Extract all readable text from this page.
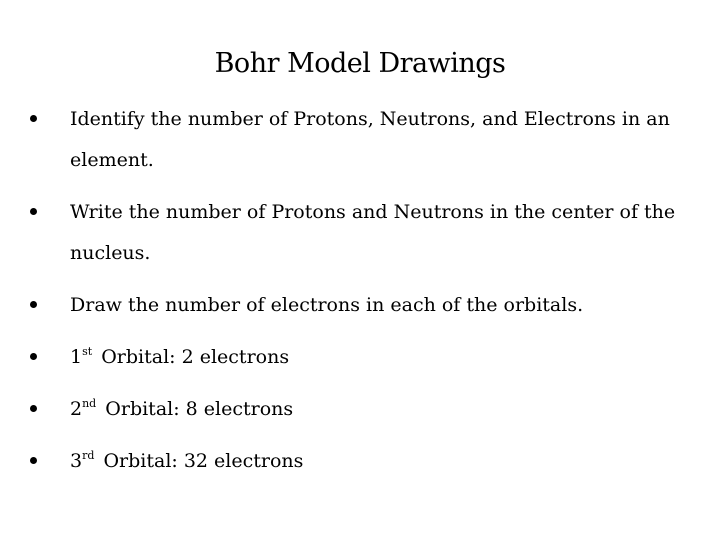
Bohr Model Drawings
Identify the number of Protons, Neutrons, and Electrons in an element.
Write the number of Protons and Neutrons in the center of the nucleus.
Draw the number of electrons in each of the orbitals.
1st Orbital: 2 electrons
2nd Orbital: 8 electrons
3rd Orbital: 32 electrons
